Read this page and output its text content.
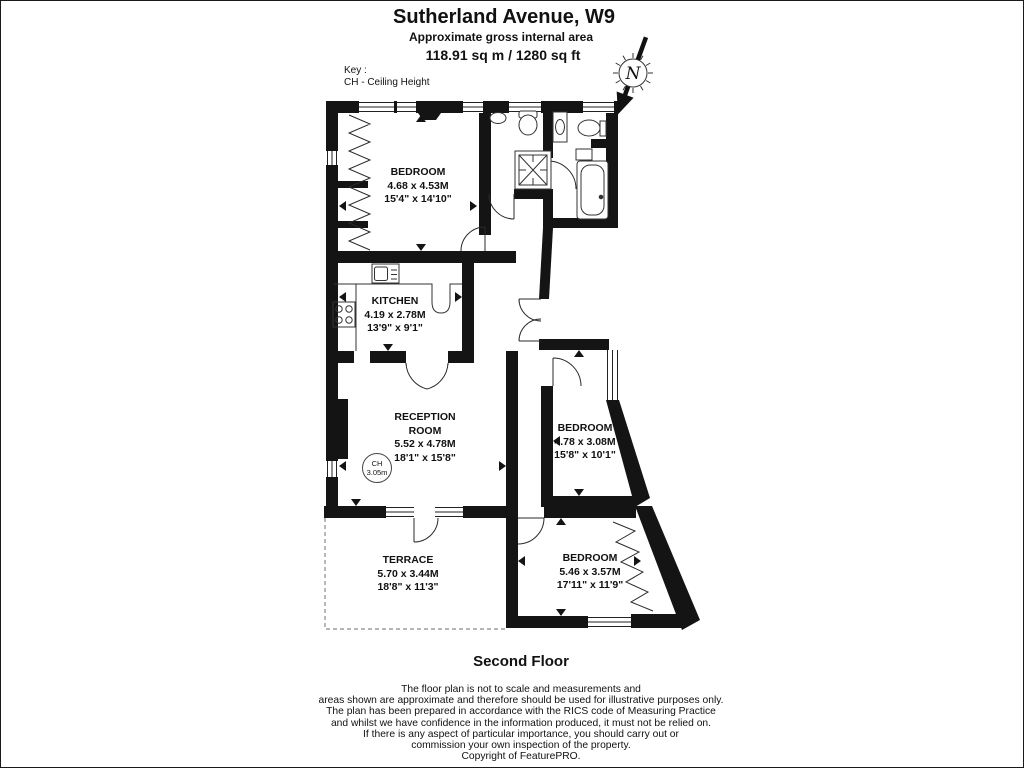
N
Sutherland Avenue, W9
Approximate gross internal area
118.91 sq m / 1280 sq ft
Key :
CH - Ceiling Height
BEDROOM
4.68 x 4.53M
15'4" x 14'10"
KITCHEN
4.19 x 2.78M
13'9" x 9'1"
RECEPTION
ROOM
5.52 x 4.78M
18'1" x 15'8"
BEDROOM
4.78 x 3.08M
15'8" x 10'1"
BEDROOM
5.46 x 3.57M
17'11" x 11'9"
TERRACE
5.70 x 3.44M
18'8" x 11'3"
CH
3.05m
Second Floor
The floor plan is not to scale and measurements and
areas shown are approximate and therefore should be used for illustrative purposes only.
The plan has been prepared in accordance with the RICS code of Measuring Practice
and whilst we have confidence in the information produced, it must not be relied on.
If there is any aspect of particular importance, you should carry out or
commission your own inspection of the property.
Copyright of FeaturePRO.
